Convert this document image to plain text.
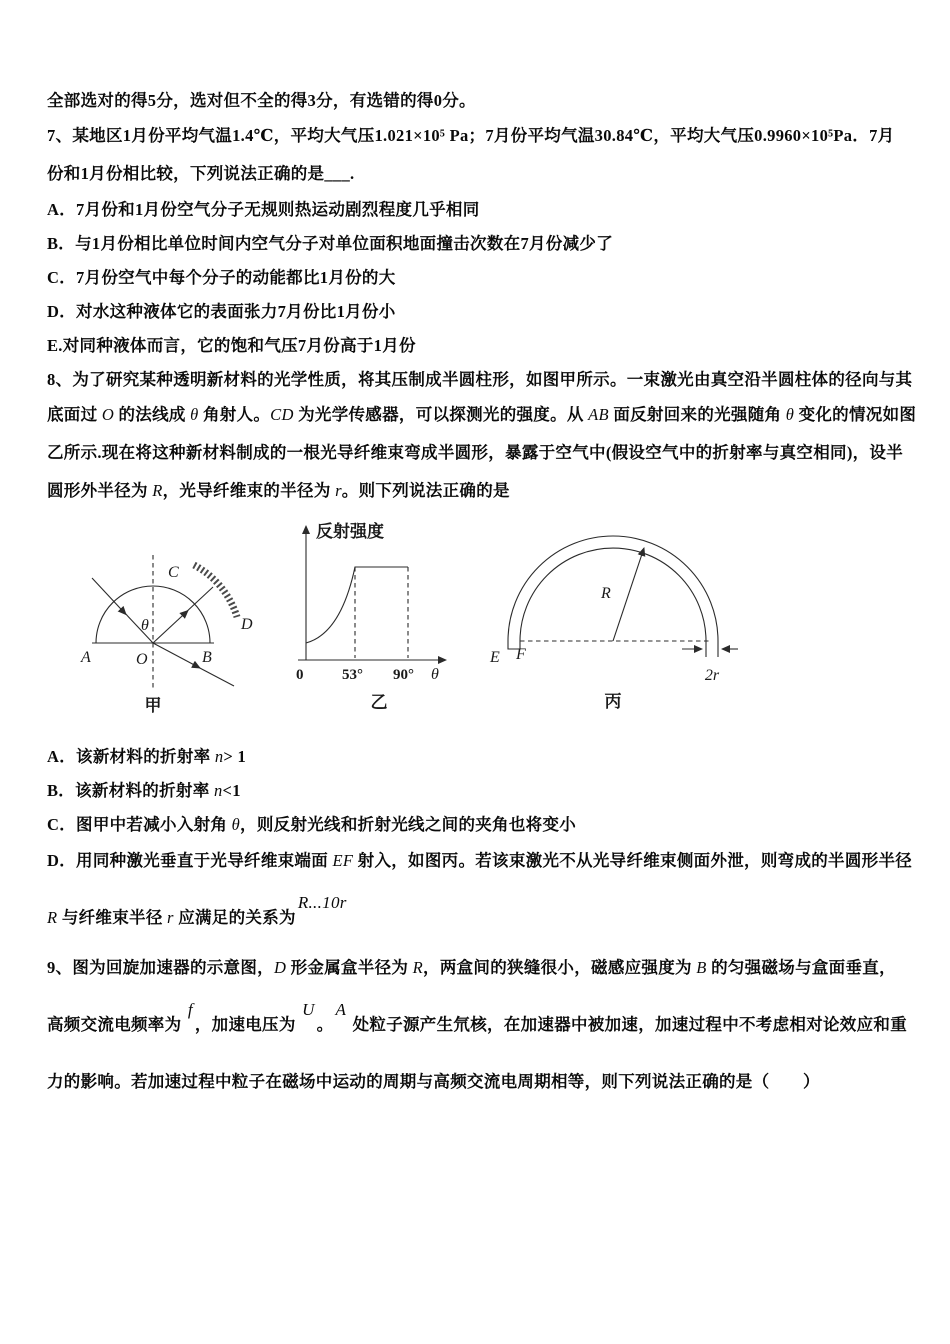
全部选对的得5分，选对但不全的得3分，有选错的得0分。
7、某地区1月份平均气温1.4℃，平均大气压1.021×10⁵ Pa；7月份平均气温30.84℃，平均大气压0.9960×10⁵Pa．7月
份和1月份相比较，下列说法正确的是___.
A．7月份和1月份空气分子无规则热运动剧烈程度几乎相同
B．与1月份相比单位时间内空气分子对单位面积地面撞击次数在7月份减少了
C．7月份空气中每个分子的动能都比1月份的大
D．对水这种液体它的表面张力7月份比1月份小
E.对同种液体而言，它的饱和气压7月份高于1月份
8、为了研究某种透明新材料的光学性质，将其压制成半圆柱形，如图甲所示。一束激光由真空沿半圆柱体的径向与其
底面过 O 的法线成 θ 角射人。CD 为光学传感器，可以探测光的强度。从 AB 面反射回来的光强随角 θ 变化的情况如图
乙所示.现在将这种新材料制成的一根光导纤维束弯成半圆形，暴露于空气中(假设空气中的折射率与真空相同)，设半
圆形外半径为 R，光导纤维束的半径为 r。则下列说法正确的是
C
D
A	O	B
θ
甲
反射强度
0	53° 90° θ
乙
R
E F
2r
丙
A．该新材料的折射率 n> 1
B．该新材料的折射率 n<1
C．图甲中若减小入射角 θ，则反射光线和折射光线之间的夹角也将变小
D．用同种激光垂直于光导纤维束端面 EF 射入，如图丙。若该束激光不从光导纤维束侧面外泄，则弯成的半圆形半径
R 与纤维束半径 r 应满足的关系为R...10r
9、图为回旋加速器的示意图，D 形金属盒半径为 R，两盒间的狭缝很小，磁感应强度为 B 的匀强磁场与盒面垂直，
高频交流电频率为 f，加速电压为 U。A 处粒子源产生氘核，在加速器中被加速，加速过程中不考虑相对论效应和重
力的影响。若加速过程中粒子在磁场中运动的周期与高频交流电周期相等，则下列说法正确的是（　　）
